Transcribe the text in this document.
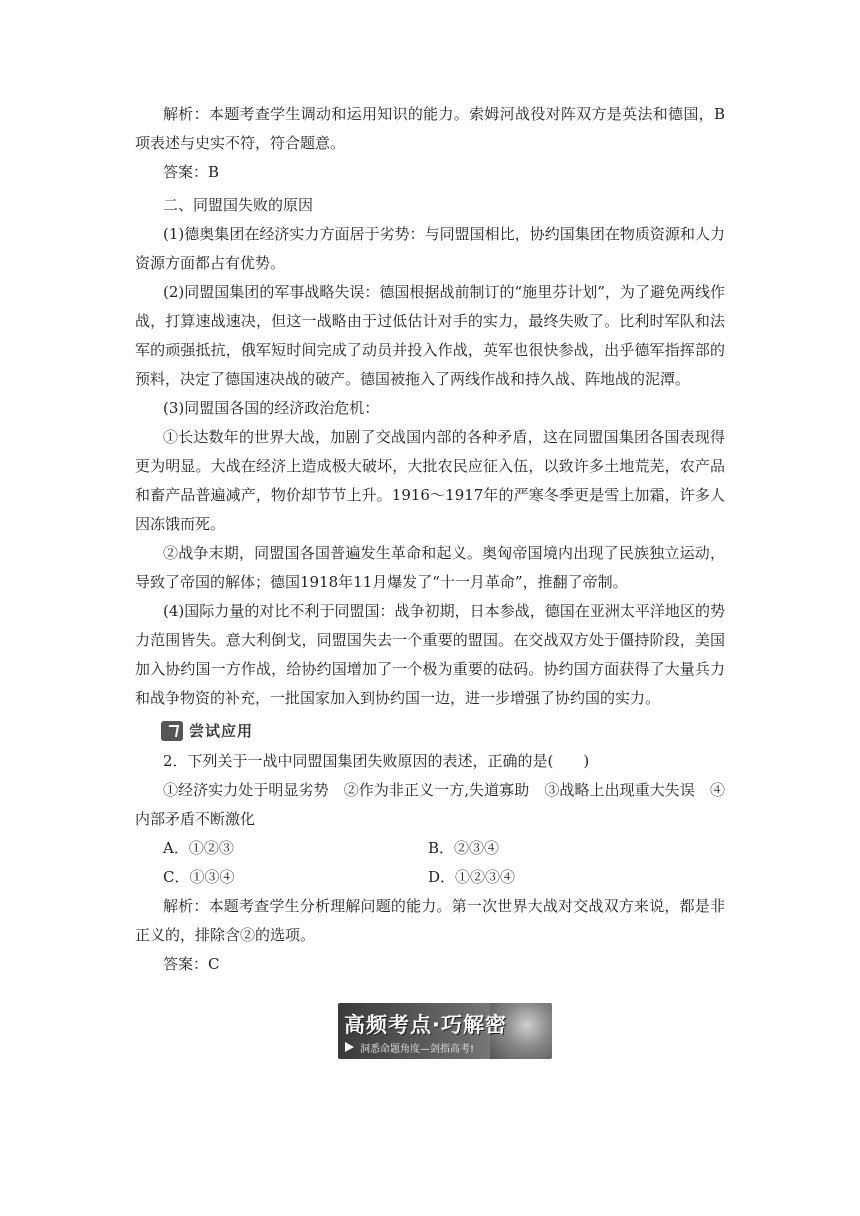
解析：本题考查学生调动和运用知识的能力。索姆河战役对阵双方是英法和德国，B项表述与史实不符，符合题意。

答案：B

二、同盟国失败的原因

(1)德奥集团在经济实力方面居于劣势：与同盟国相比，协约国集团在物质资源和人力资源方面都占有优势。

(2)同盟国集团的军事战略失误：德国根据战前制订的“施里芬计划”，为了避免两线作战，打算速战速决，但这一战略由于过低估计对手的实力，最终失败了。比利时军队和法军的顽强抵抗，俄军短时间完成了动员并投入作战，英军也很快参战，出乎德军指挥部的预料，决定了德国速决战的破产。德国被拖入了两线作战和持久战、阵地战的泥潭。

(3)同盟国各国的经济政治危机：

①长达数年的世界大战，加剧了交战国内部的各种矛盾，这在同盟国集团各国表现得更为明显。大战在经济上造成极大破坏，大批农民应征入伍，以致许多土地荒芜，农产品和畜产品普遍减产，物价却节节上升。1916～1917年的严寒冬季更是雪上加霜，许多人因冻饿而死。

②战争末期，同盟国各国普遍发生革命和起义。奥匈帝国境内出现了民族独立运动，导致了帝国的解体；德国1918年11月爆发了“十一月革命”，推翻了帝制。

(4)国际力量的对比不利于同盟国：战争初期，日本参战，德国在亚洲太平洋地区的势力范围皆失。意大利倒戈，同盟国失去一个重要的盟国。在交战双方处于僵持阶段，美国加入协约国一方作战，给协约国增加了一个极为重要的砝码。协约国方面获得了大量兵力和战争物资的补充，一批国家加入到协约国一边，进一步增强了协约国的实力。

尝试应用

2．下列关于一战中同盟国集团失败原因的表述，正确的是(　　)

①经济实力处于明显劣势　②作为非正义一方,失道寡助　③战略上出现重大失误　④内部矛盾不断激化

A．①②③	B．②③④
C．①③④	D．①②③④

解析：本题考查学生分析理解问题的能力。第一次世界大战对交战双方来说，都是非正义的，排除含②的选项。

答案：C

高频考点·巧解密
洞悉命题角度—剑指高考!
